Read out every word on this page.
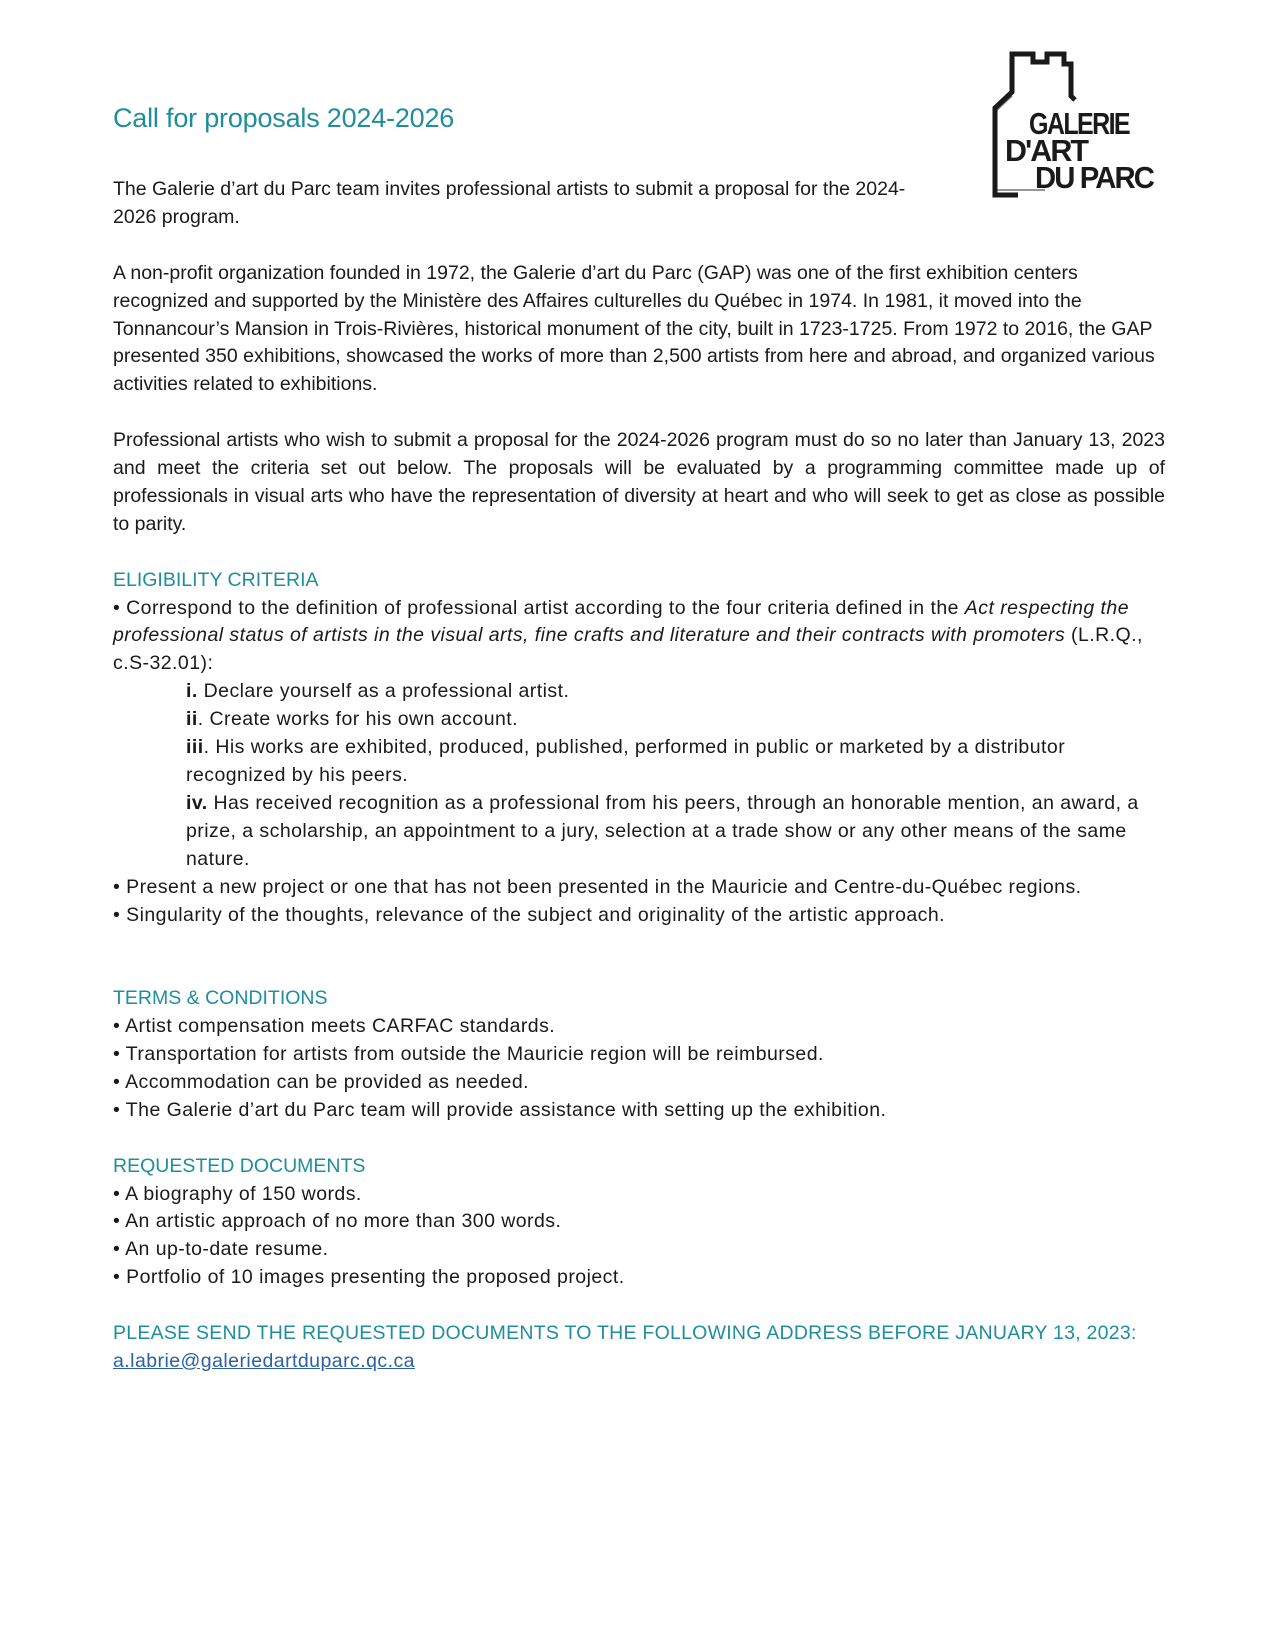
Call for proposals 2024-2026	GALERIE
D'ART
DU PARC

The Galerie d’art du Parc team invites professional artists to submit a proposal for the 2024-2026 program.

A non-profit organization founded in 1972, the Galerie d’art du Parc (GAP) was one of the first exhibition centers recognized and supported by the Ministère des Affaires culturelles du Québec in 1974. In 1981, it moved into the Tonnancour’s Mansion in Trois-Rivières, historical monument of the city, built in 1723-1725. From 1972 to 2016, the GAP presented 350 exhibitions, showcased the works of more than 2,500 artists from here and abroad, and organized various activities related to exhibitions.

Professional artists who wish to submit a proposal for the 2024-2026 program must do so no later than January 13, 2023 and meet the criteria set out below. The proposals will be evaluated by a programming committee made up of professionals in visual arts who have the representation of diversity at heart and who will seek to get as close as possible to parity.

ELIGIBILITY CRITERIA

• Correspond to the definition of professional artist according to the four criteria defined in the Act respecting the professional status of artists in the visual arts, fine crafts and literature and their contracts with promoters (L.R.Q., c.S-32.01):

i. Declare yourself as a professional artist.

ii. Create works for his own account.

iii. His works are exhibited, produced, published, performed in public or marketed by a distributor recognized by his peers.

iv. Has received recognition as a professional from his peers, through an honorable mention, an award, a prize, a scholarship, an appointment to a jury, selection at a trade show or any other means of the same nature.

• Present a new project or one that has not been presented in the Mauricie and Centre-du-Québec regions.

• Singularity of the thoughts, relevance of the subject and originality of the artistic approach.

TERMS & CONDITIONS

• Artist compensation meets CARFAC standards.

• Transportation for artists from outside the Mauricie region will be reimbursed.

• Accommodation can be provided as needed.

• The Galerie d’art du Parc team will provide assistance with setting up the exhibition.

REQUESTED DOCUMENTS

• A biography of 150 words.

• An artistic approach of no more than 300 words.

• An up-to-date resume.

• Portfolio of 10 images presenting the proposed project.

PLEASE SEND THE REQUESTED DOCUMENTS TO THE FOLLOWING ADDRESS BEFORE JANUARY 13, 2023:

a.labrie@galeriedartduparc.qc.ca
